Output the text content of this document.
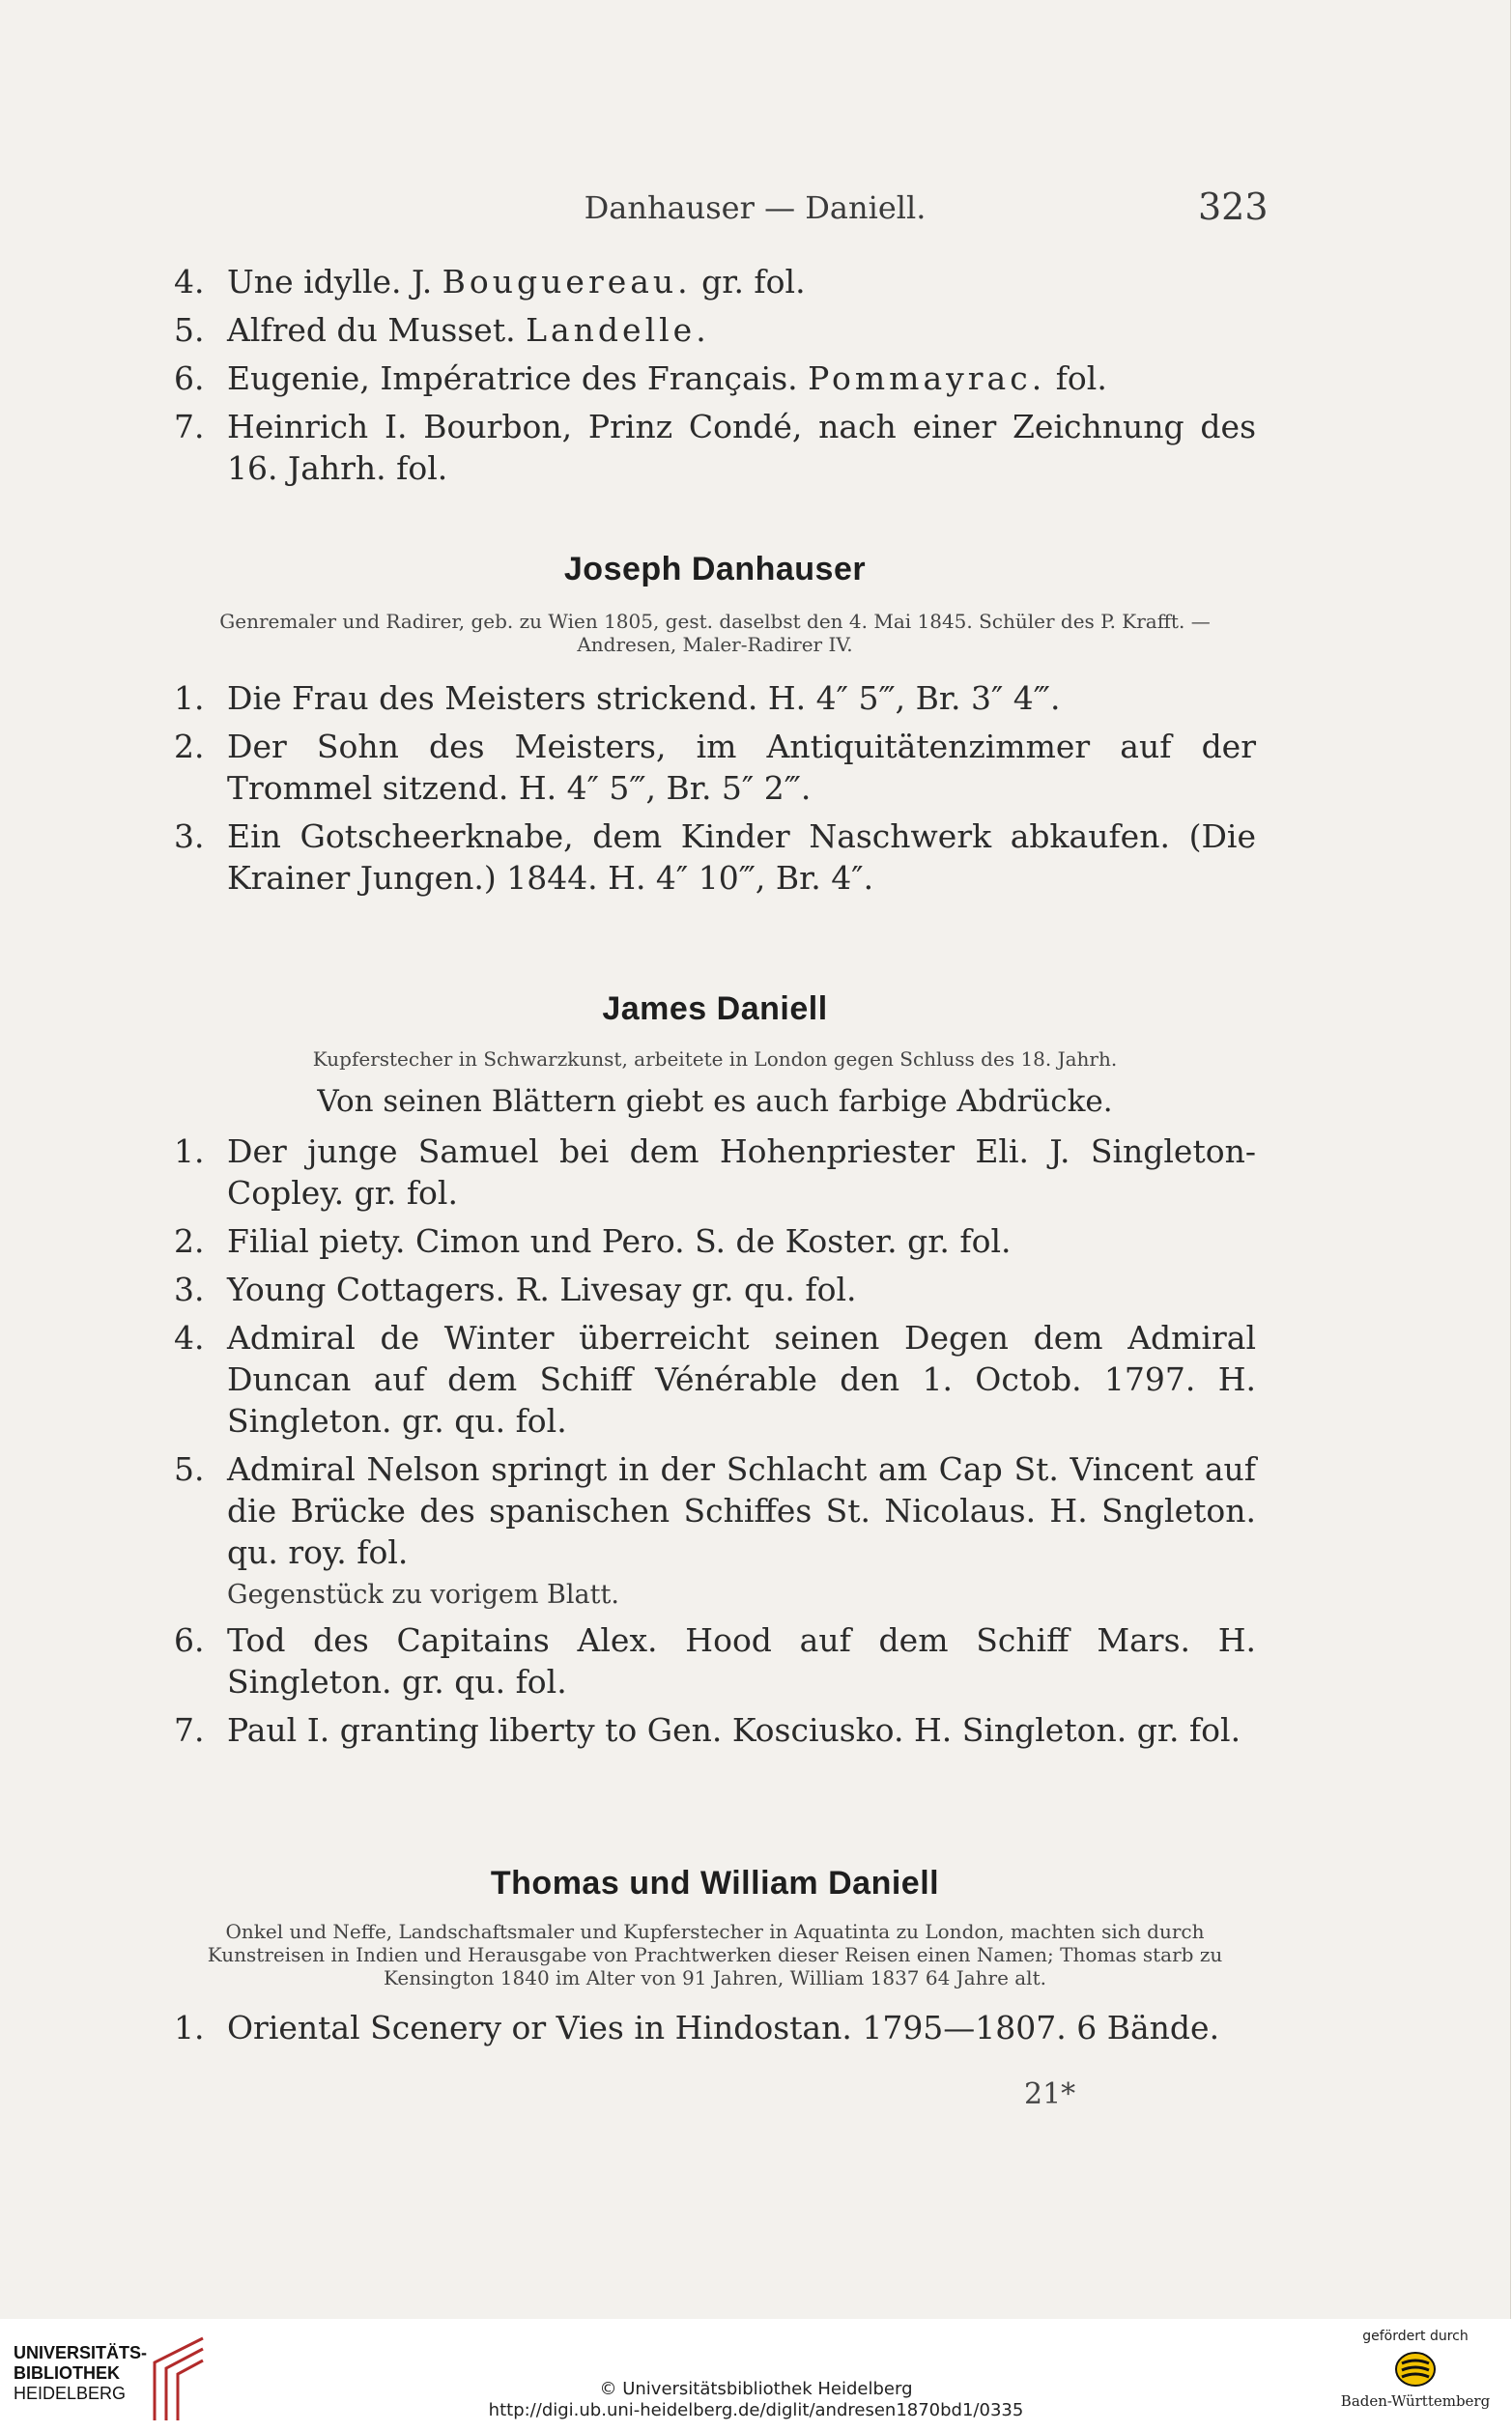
Danhauser — Daniell.	323
4. Une idylle. J. Bouguereau. gr. fol.
5. Alfred du Musset. Landelle.
6. Eugenie, Impératrice des Français. Pommayrac. fol.
7. Heinrich I. Bourbon, Prinz Condé, nach einer Zeichnung des 16. Jahrh. fol.
Joseph Danhauser
Genremaler und Radirer, geb. zu Wien 1805, gest. daselbst den 4. Mai 1845. Schüler des P. Krafft. — Andresen, Maler-Radirer IV.
1. Die Frau des Meisters strickend. H. 4″ 5‴, Br. 3″ 4‴.
2. Der Sohn des Meisters, im Antiquitätenzimmer auf der Trommel sitzend. H. 4″ 5‴, Br. 5″ 2‴.
3. Ein Gotscheerknabe, dem Kinder Naschwerk abkaufen. (Die Krainer Jungen.) 1844. H. 4″ 10‴, Br. 4″.
James Daniell
Kupferstecher in Schwarzkunst, arbeitete in London gegen Schluss des 18. Jahrh.
Von seinen Blättern giebt es auch farbige Abdrücke.
1. Der junge Samuel bei dem Hohenpriester Eli. J. Singleton-Copley. gr. fol.
2. Filial piety. Cimon und Pero. S. de Koster. gr. fol.
3. Young Cottagers. R. Livesay gr. qu. fol.
4. Admiral de Winter überreicht seinen Degen dem Admiral Duncan auf dem Schiff Vénérable den 1. Octob. 1797. H. Singleton. gr. qu. fol.
5. Admiral Nelson springt in der Schlacht am Cap St. Vincent auf die Brücke des spanischen Schiffes St. Nicolaus. H. Sngleton. qu. roy. fol.
Gegenstück zu vorigem Blatt.
6. Tod des Capitains Alex. Hood auf dem Schiff Mars. H. Singleton. gr. qu. fol.
7. Paul I. granting liberty to Gen. Kosciusko. H. Singleton. gr. fol.
Thomas und William Daniell
Onkel und Neffe, Landschaftsmaler und Kupferstecher in Aquatinta zu London, machten sich durch Kunstreisen in Indien und Herausgabe von Prachtwerken dieser Reisen einen Namen; Thomas starb zu Kensington 1840 im Alter von 91 Jahren, William 1837 64 Jahre alt.
1. Oriental Scenery or Vies in Hindostan. 1795—1807. 6 Bände.
21*
UNIVERSITÄTS-
BIBLIOTHEK
HEIDELBERG	© Universitätsbibliothek Heidelberg
http://digi.ub.uni-heidelberg.de/diglit/andresen1870bd1/0335
gefördert durch
Baden-Württemberg
